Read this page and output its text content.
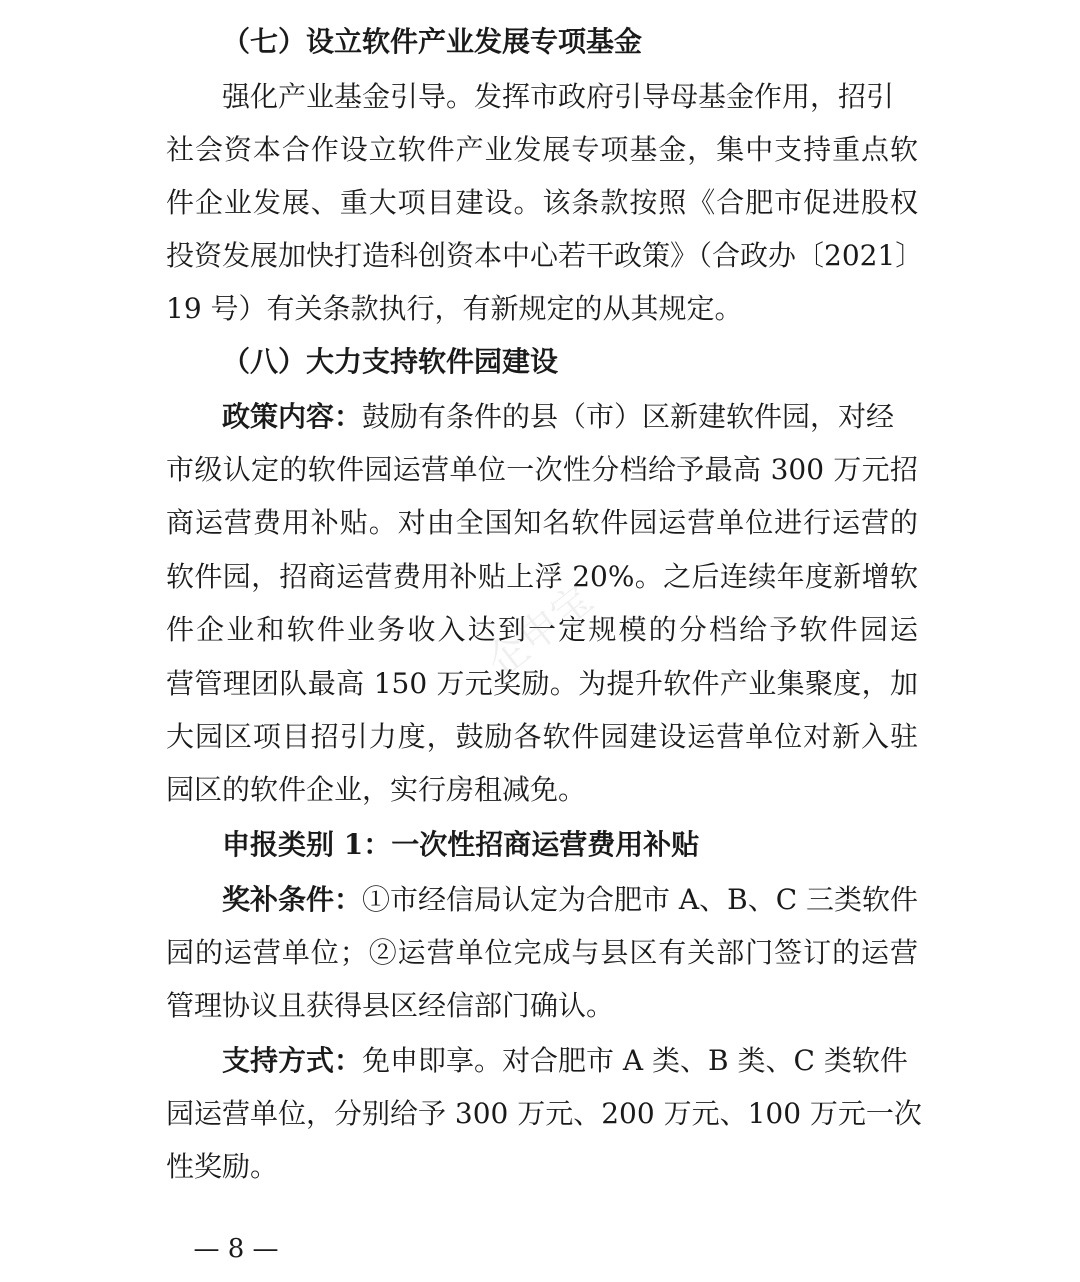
（七）设立软件产业发展专项基金
强化产业基金引导。发挥市政府引导母基金作用，招引
社会资本合作设立软件产业发展专项基金，集中支持重点软
件企业发展、重大项目建设。该条款按照《合肥市促进股权
投资发展加快打造科创资本中心若干政策》（合政办〔2021〕
19 号）有关条款执行，有新规定的从其规定。
（八）大力支持软件园建设
政策内容：鼓励有条件的县（市）区新建软件园，对经
市级认定的软件园运营单位一次性分档给予最高 300 万元招
商运营费用补贴。对由全国知名软件园运营单位进行运营的
软件园，招商运营费用补贴上浮 20%。之后连续年度新增软
件企业和软件业务收入达到一定规模的分档给予软件园运
营管理团队最高 150 万元奖励。为提升软件产业集聚度，加
大园区项目招引力度，鼓励各软件园建设运营单位对新入驻
园区的软件企业，实行房租减免。
申报类别 1：一次性招商运营费用补贴
奖补条件：①市经信局认定为合肥市 A、B、C 三类软件
园的运营单位；②运营单位完成与县区有关部门签订的运营
管理协议且获得县区经信部门确认。
支持方式：免申即享。对合肥市 A 类、B 类、C 类软件
园运营单位，分别给予 300 万元、200 万元、100 万元一次
性奖励。
企申宝
— 8 —
